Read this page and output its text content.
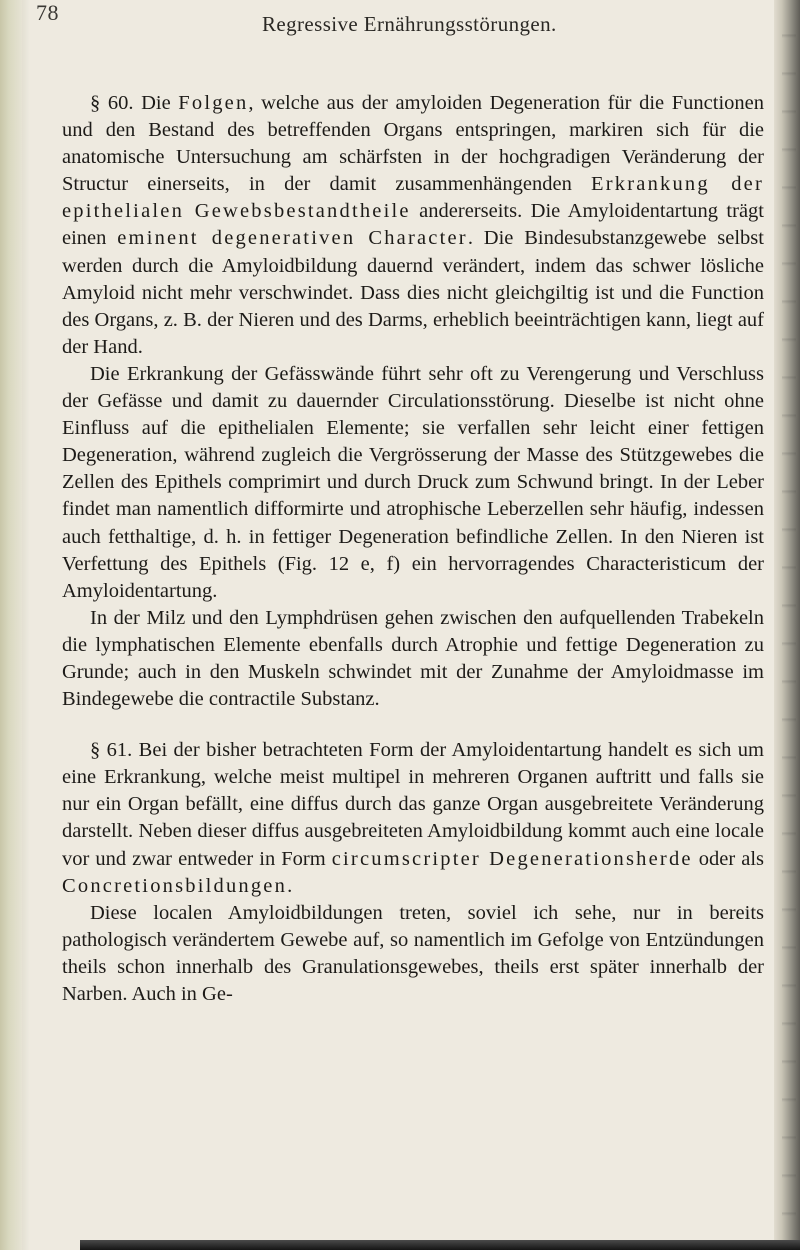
78	Regressive Ernährungsstörungen.

§ 60. Die Folgen, welche aus der amyloiden Degeneration für die Functionen und den Bestand des betreffenden Organs entspringen, markiren sich für die anatomische Untersuchung am schärfsten in der hochgradigen Veränderung der Structur einerseits, in der damit zusammenhängenden Erkrankung der epithelialen Gewebsbestandtheile andererseits. Die Amyloidentartung trägt einen eminent degenerativen Character. Die Bindesubstanzgewebe selbst werden durch die Amyloidbildung dauernd verändert, indem das schwer lösliche Amyloid nicht mehr verschwindet. Dass dies nicht gleichgiltig ist und die Function des Organs, z. B. der Nieren und des Darms, erheblich beeinträchtigen kann, liegt auf der Hand.

Die Erkrankung der Gefässwände führt sehr oft zu Verengerung und Verschluss der Gefässe und damit zu dauernder Circulationsstörung. Dieselbe ist nicht ohne Einfluss auf die epithelialen Elemente; sie verfallen sehr leicht einer fettigen Degeneration, während zugleich die Vergrösserung der Masse des Stützgewebes die Zellen des Epithels comprimirt und durch Druck zum Schwund bringt. In der Leber findet man namentlich difformirte und atrophische Leberzellen sehr häufig, indessen auch fetthaltige, d. h. in fettiger Degeneration befindliche Zellen. In den Nieren ist Verfettung des Epithels (Fig. 12 e, f) ein hervorragendes Characteristicum der Amyloidentartung.

In der Milz und den Lymphdrüsen gehen zwischen den aufquellenden Trabekeln die lymphatischen Elemente ebenfalls durch Atrophie und fettige Degeneration zu Grunde; auch in den Muskeln schwindet mit der Zunahme der Amyloidmasse im Bindegewebe die contractile Substanz.

§ 61. Bei der bisher betrachteten Form der Amyloidentartung handelt es sich um eine Erkrankung, welche meist multipel in mehreren Organen auftritt und falls sie nur ein Organ befällt, eine diffus durch das ganze Organ ausgebreitete Veränderung darstellt. Neben dieser diffus ausgebreiteten Amyloidbildung kommt auch eine locale vor und zwar entweder in Form circumscripter Degenerationsherde oder als Concretionsbildungen.

Diese localen Amyloidbildungen treten, soviel ich sehe, nur in bereits pathologisch verändertem Gewebe auf, so namentlich im Gefolge von Entzündungen theils schon innerhalb des Granulationsgewebes, theils erst später innerhalb der Narben. Auch in Ge-
